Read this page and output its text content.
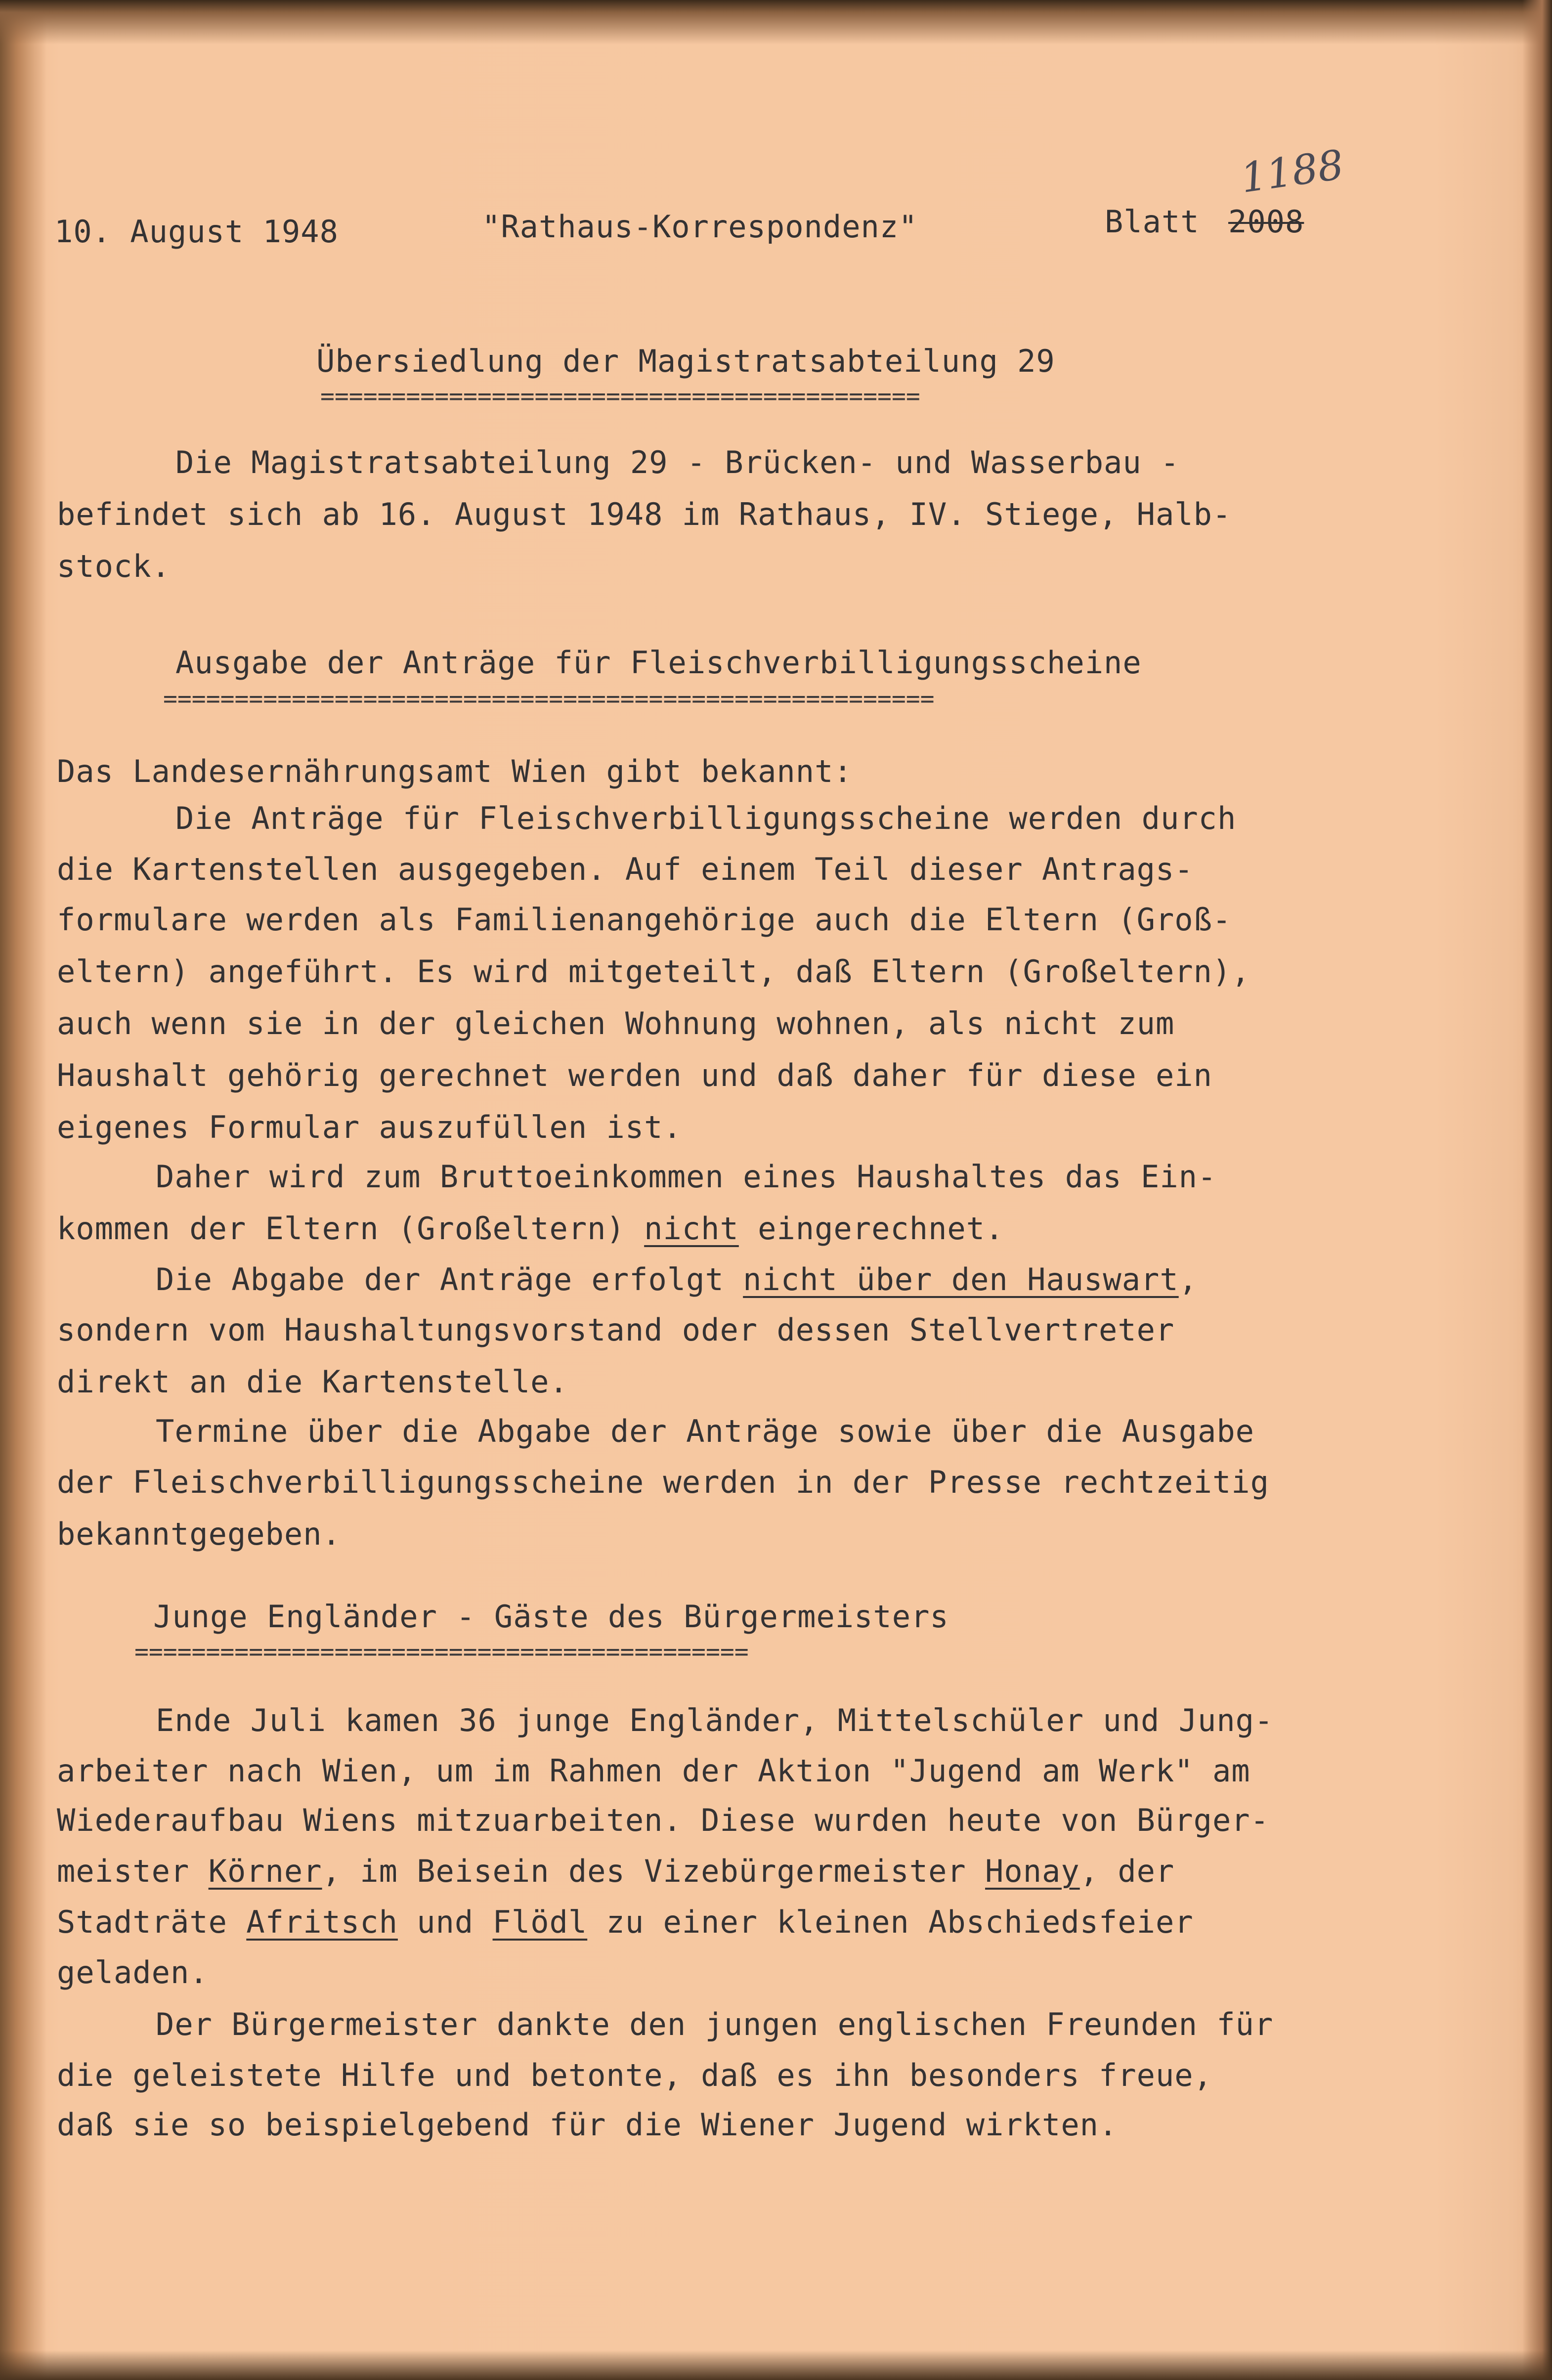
10. August 1948	"Rathaus-Korrespondenz"	Blatt 2008

1188

Übersiedlung der Magistratsabteilung 29

==========================================

Die Magistratsabteilung 29 - Brücken- und Wasserbau -

befindet sich ab 16. August 1948 im Rathaus, IV. Stiege, Halb-

stock.

Ausgabe der Anträge für Fleischverbilligungsscheine

======================================================

Das Landesernährungsamt Wien gibt bekannt:

Die Anträge für Fleischverbilligungsscheine werden durch

die Kartenstellen ausgegeben. Auf einem Teil dieser Antrags-

formulare werden als Familienangehörige auch die Eltern (Groß-

eltern) angeführt. Es wird mitgeteilt, daß Eltern (Großeltern),

auch wenn sie in der gleichen Wohnung wohnen, als nicht zum

Haushalt gehörig gerechnet werden und daß daher für diese ein

eigenes Formular auszufüllen ist.

Daher wird zum Bruttoeinkommen eines Haushaltes das Ein-

kommen der Eltern (Großeltern) nicht eingerechnet.

Die Abgabe der Anträge erfolgt nicht über den Hauswart,

sondern vom Haushaltungsvorstand oder dessen Stellvertreter

direkt an die Kartenstelle.

Termine über die Abgabe der Anträge sowie über die Ausgabe

der Fleischverbilligungsscheine werden in der Presse rechtzeitig

bekanntgegeben.

Junge Engländer - Gäste des Bürgermeisters

===========================================

Ende Juli kamen 36 junge Engländer, Mittelschüler und Jung-

arbeiter nach Wien, um im Rahmen der Aktion "Jugend am Werk" am

Wiederaufbau Wiens mitzuarbeiten. Diese wurden heute von Bürger-

meister Körner, im Beisein des Vizebürgermeister Honay, der

Stadträte Afritsch und Flödl zu einer kleinen Abschiedsfeier

geladen.

Der Bürgermeister dankte den jungen englischen Freunden für

die geleistete Hilfe und betonte, daß es ihn besonders freue,

daß sie so beispielgebend für die Wiener Jugend wirkten.
